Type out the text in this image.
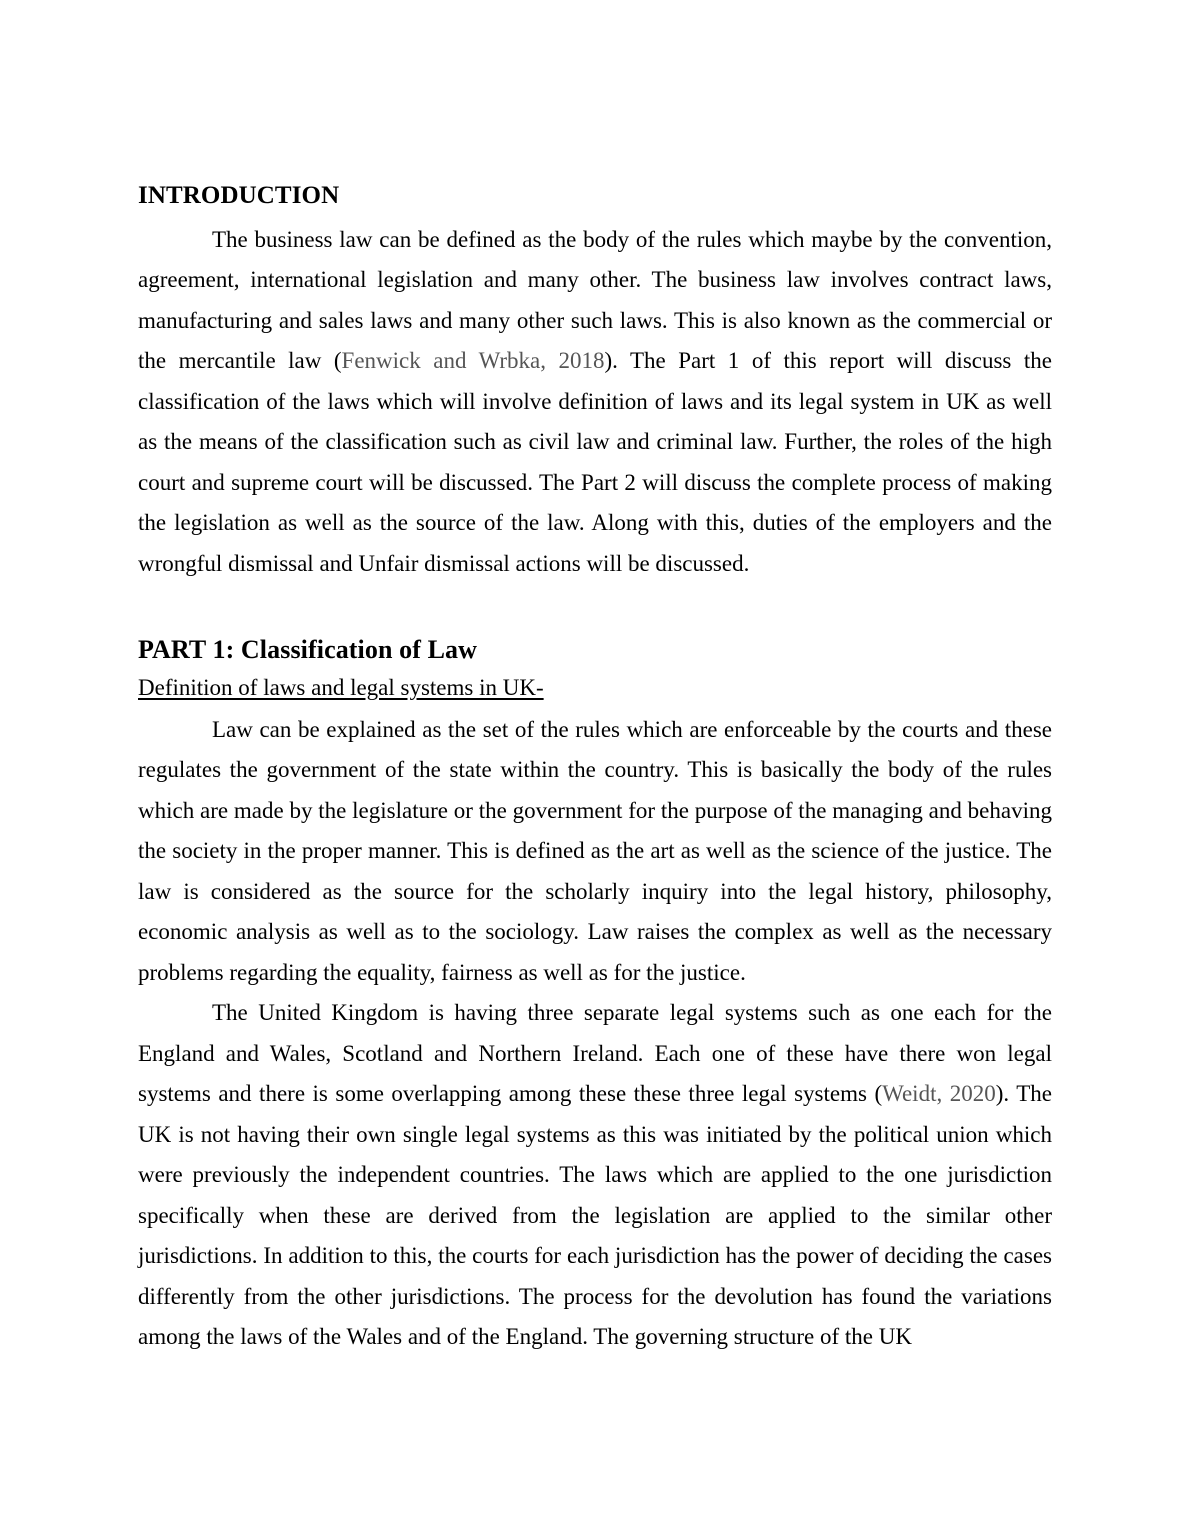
INTRODUCTION

The business law can be defined as the body of the rules which maybe by the convention, agreement, international legislation and many other. The business law involves contract laws, manufacturing and sales laws and many other such laws. This is also known as the commercial or the mercantile law (Fenwick and Wrbka, 2018). The Part 1 of this report will discuss the classification of the laws which will involve definition of laws and its legal system in UK as well as the means of the classification such as civil law and criminal law. Further, the roles of the high court and supreme court will be discussed. The Part 2 will discuss the complete process of making the legislation as well as the source of the law. Along with this, duties of the employers and the wrongful dismissal and Unfair dismissal actions will be discussed.

PART 1: Classification of Law
Definition of laws and legal systems in UK-

Law can be explained as the set of the rules which are enforceable by the courts and these regulates the government of the state within the country. This is basically the body of the rules which are made by the legislature or the government for the purpose of the managing and behaving the society in the proper manner. This is defined as the art as well as the science of the justice. The law is considered as the source for the scholarly inquiry into the legal history, philosophy, economic analysis as well as to the sociology. Law raises the complex as well as the necessary problems regarding the equality, fairness as well as for the justice.

The United Kingdom is having three separate legal systems such as one each for the England and Wales, Scotland and Northern Ireland. Each one of these have there won legal systems and there is some overlapping among these these three legal systems (Weidt, 2020). The UK is not having their own single legal systems as this was initiated by the political union which were previously the independent countries. The laws which are applied to the one jurisdiction specifically when these are derived from the legislation are applied to the similar other jurisdictions. In addition to this, the courts for each jurisdiction has the power of deciding the cases differently from the other jurisdictions. The process for the devolution has found the variations among the laws of the Wales and of the England. The governing structure of the UK
